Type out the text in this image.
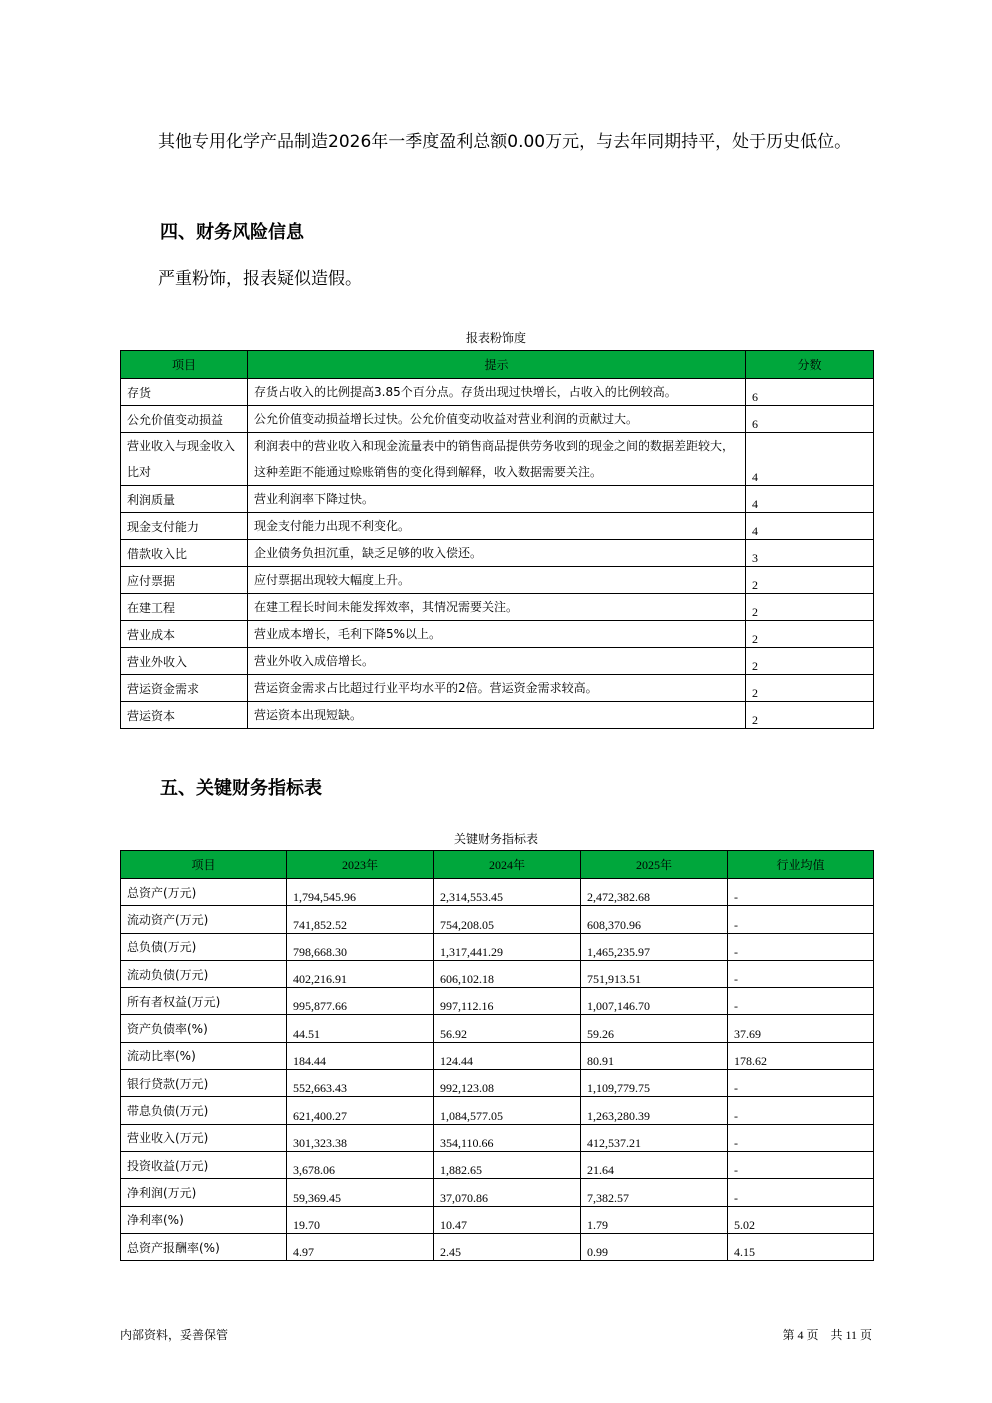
其他专用化学产品制造2026年一季度盈利总额0.00万元，与去年同期持平，处于历史低位。
四、财务风险信息
严重粉饰，报表疑似造假。
报表粉饰度
项目	提示	分数
存货	存货占收入的比例提高3.85个百分点。存货出现过快增长，占收入的比例较高。	6
公允价值变动损益	公允价值变动损益增长过快。公允价值变动收益对营业利润的贡献过大。	6
营业收入与现金收入比对	利润表中的营业收入和现金流量表中的销售商品提供劳务收到的现金之间的数据差距较大，这种差距不能通过赊账销售的变化得到解释，收入数据需要关注。	4
利润质量	营业利润率下降过快。	4
现金支付能力	现金支付能力出现不利变化。	4
借款收入比	企业债务负担沉重，缺乏足够的收入偿还。	3
应付票据	应付票据出现较大幅度上升。	2
在建工程	在建工程长时间未能发挥效率，其情况需要关注。	2
营业成本	营业成本增长，毛利下降5%以上。	2
营业外收入	营业外收入成倍增长。	2
营运资金需求	营运资金需求占比超过行业平均水平的2倍。营运资金需求较高。	2
营运资本	营运资本出现短缺。	2
五、关键财务指标表
关键财务指标表
项目	2023年	2024年	2025年	行业均值
总资产(万元)	1,794,545.96	2,314,553.45	2,472,382.68	-
流动资产(万元)	741,852.52	754,208.05	608,370.96	-
总负债(万元)	798,668.30	1,317,441.29	1,465,235.97	-
流动负债(万元)	402,216.91	606,102.18	751,913.51	-
所有者权益(万元)	995,877.66	997,112.16	1,007,146.70	-
资产负债率(%)	44.51	56.92	59.26	37.69
流动比率(%)	184.44	124.44	80.91	178.62
银行贷款(万元)	552,663.43	992,123.08	1,109,779.75	-
带息负债(万元)	621,400.27	1,084,577.05	1,263,280.39	-
营业收入(万元)	301,323.38	354,110.66	412,537.21	-
投资收益(万元)	3,678.06	1,882.65	21.64	-
净利润(万元)	59,369.45	37,070.86	7,382.57	-
净利率(%)	19.70	10.47	1.79	5.02
总资产报酬率(%)	4.97	2.45	0.99	4.15
内部资料，妥善保管	第 4 页　共 11 页
